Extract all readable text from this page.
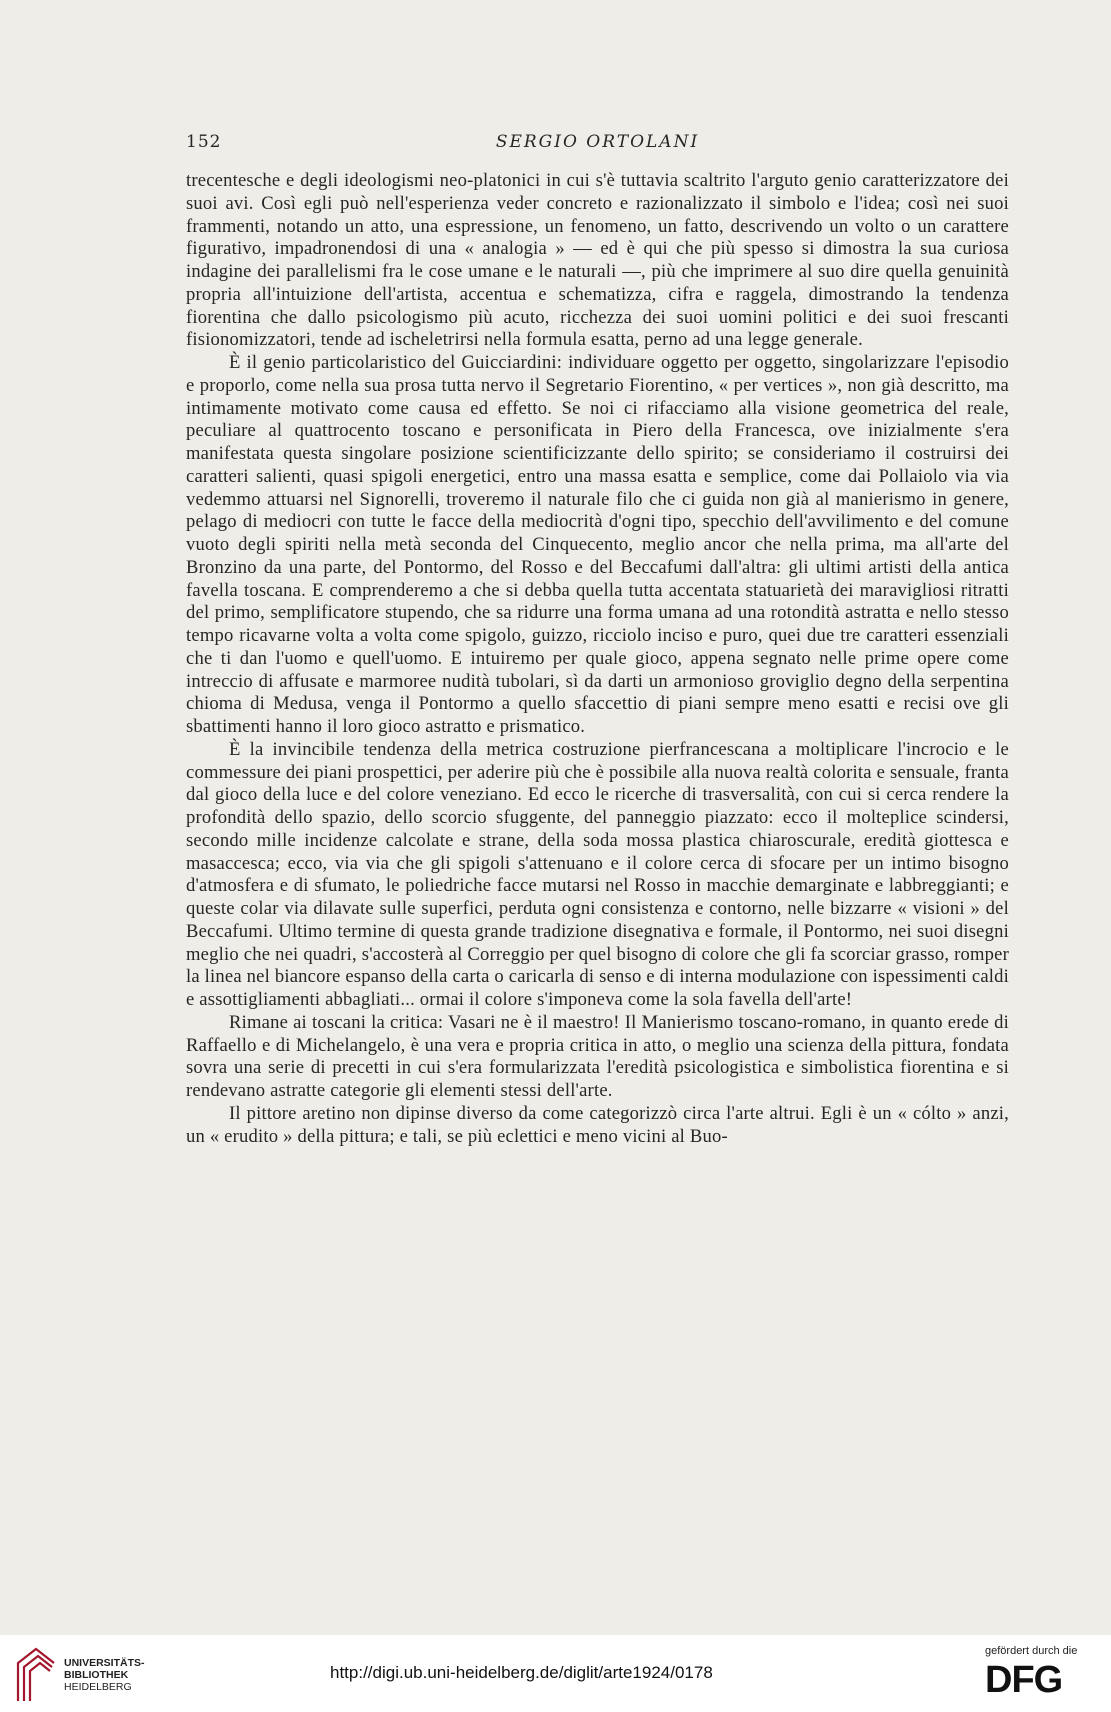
152	SERGIO ORTOLANI

trecentesche e degli ideologismi neo-platonici in cui s'è tuttavia scaltrito l'arguto genio caratterizzatore dei suoi avi. Così egli può nell'esperienza veder concreto e razionalizzato il simbolo e l'idea; così nei suoi frammenti, notando un atto, una espressione, un fenomeno, un fatto, descrivendo un volto o un carattere figurativo, impadronendosi di una « analogia » — ed è qui che più spesso si dimostra la sua curiosa indagine dei parallelismi fra le cose umane e le naturali —, più che imprimere al suo dire quella genuinità propria all'intuizione dell'artista, accentua e schematizza, cifra e raggela, dimostrando la tendenza fiorentina che dallo psicologismo più acuto, ricchezza dei suoi uomini politici e dei suoi frescanti fisionomizzatori, tende ad ischeletrirsi nella formula esatta, perno ad una legge generale.

È il genio particolaristico del Guicciardini: individuare oggetto per oggetto, singolarizzare l'episodio e proporlo, come nella sua prosa tutta nervo il Segretario Fiorentino, « per vertices », non già descritto, ma intimamente motivato come causa ed effetto. Se noi ci rifacciamo alla visione geometrica del reale, peculiare al quattrocento toscano e personificata in Piero della Francesca, ove inizialmente s'era manifestata questa singolare posizione scientificizzante dello spirito; se consideriamo il costruirsi dei caratteri salienti, quasi spigoli energetici, entro una massa esatta e semplice, come dai Pollaiolo via via vedemmo attuarsi nel Signorelli, troveremo il naturale filo che ci guida non già al manierismo in genere, pelago di mediocri con tutte le facce della mediocrità d'ogni tipo, specchio dell'avvilimento e del comune vuoto degli spiriti nella metà seconda del Cinquecento, meglio ancor che nella prima, ma all'arte del Bronzino da una parte, del Pontormo, del Rosso e del Beccafumi dall'altra: gli ultimi artisti della antica favella toscana. E comprenderemo a che si debba quella tutta accentata statuarietà dei maravigliosi ritratti del primo, semplificatore stupendo, che sa ridurre una forma umana ad una rotondità astratta e nello stesso tempo ricavarne volta a volta come spigolo, guizzo, ricciolo inciso e puro, quei due tre caratteri essenziali che ti dan l'uomo e quell'uomo. E intuiremo per quale gioco, appena segnato nelle prime opere come intreccio di affusate e marmoree nudità tubolari, sì da darti un armonioso groviglio degno della serpentina chioma di Medusa, venga il Pontormo a quello sfaccettio di piani sempre meno esatti e recisi ove gli sbattimenti hanno il loro gioco astratto e prismatico.

È la invincibile tendenza della metrica costruzione pierfrancescana a moltiplicare l'incrocio e le commessure dei piani prospettici, per aderire più che è possibile alla nuova realtà colorita e sensuale, franta dal gioco della luce e del colore veneziano. Ed ecco le ricerche di trasversalità, con cui si cerca rendere la profondità dello spazio, dello scorcio sfuggente, del panneggio piazzato: ecco il molteplice scindersi, secondo mille incidenze calcolate e strane, della soda mossa plastica chiaroscurale, eredità giottesca e masaccesca; ecco, via via che gli spigoli s'attenuano e il colore cerca di sfocare per un intimo bisogno d'atmosfera e di sfumato, le poliedriche facce mutarsi nel Rosso in macchie demarginate e labbreggianti; e queste colar via dilavate sulle superfici, perduta ogni consistenza e contorno, nelle bizzarre « visioni » del Beccafumi. Ultimo termine di questa grande tradizione disegnativa e formale, il Pontormo, nei suoi disegni meglio che nei quadri, s'accosterà al Correggio per quel bisogno di colore che gli fa scorciar grasso, romper la linea nel biancore espanso della carta o caricarla di senso e di interna modulazione con ispessimenti caldi e assottigliamenti abbagliati... ormai il colore s'imponeva come la sola favella dell'arte!

Rimane ai toscani la critica: Vasari ne è il maestro! Il Manierismo toscano-romano, in quanto erede di Raffaello e di Michelangelo, è una vera e propria critica in atto, o meglio una scienza della pittura, fondata sovra una serie di precetti in cui s'era formularizzata l'eredità psicologistica e simbolistica fiorentina e si rendevano astratte categorie gli elementi stessi dell'arte.

Il pittore aretino non dipinse diverso da come categorizzò circa l'arte altrui. Egli è un « cólto » anzi, un « erudito » della pittura; e tali, se più eclettici e meno vicini al Buo-

UNIVERSITÄTS-
BIBLIOTHEK
HEIDELBERG
http://digi.ub.uni-heidelberg.de/diglit/arte1924/0178
gefördert durch die
DFG
